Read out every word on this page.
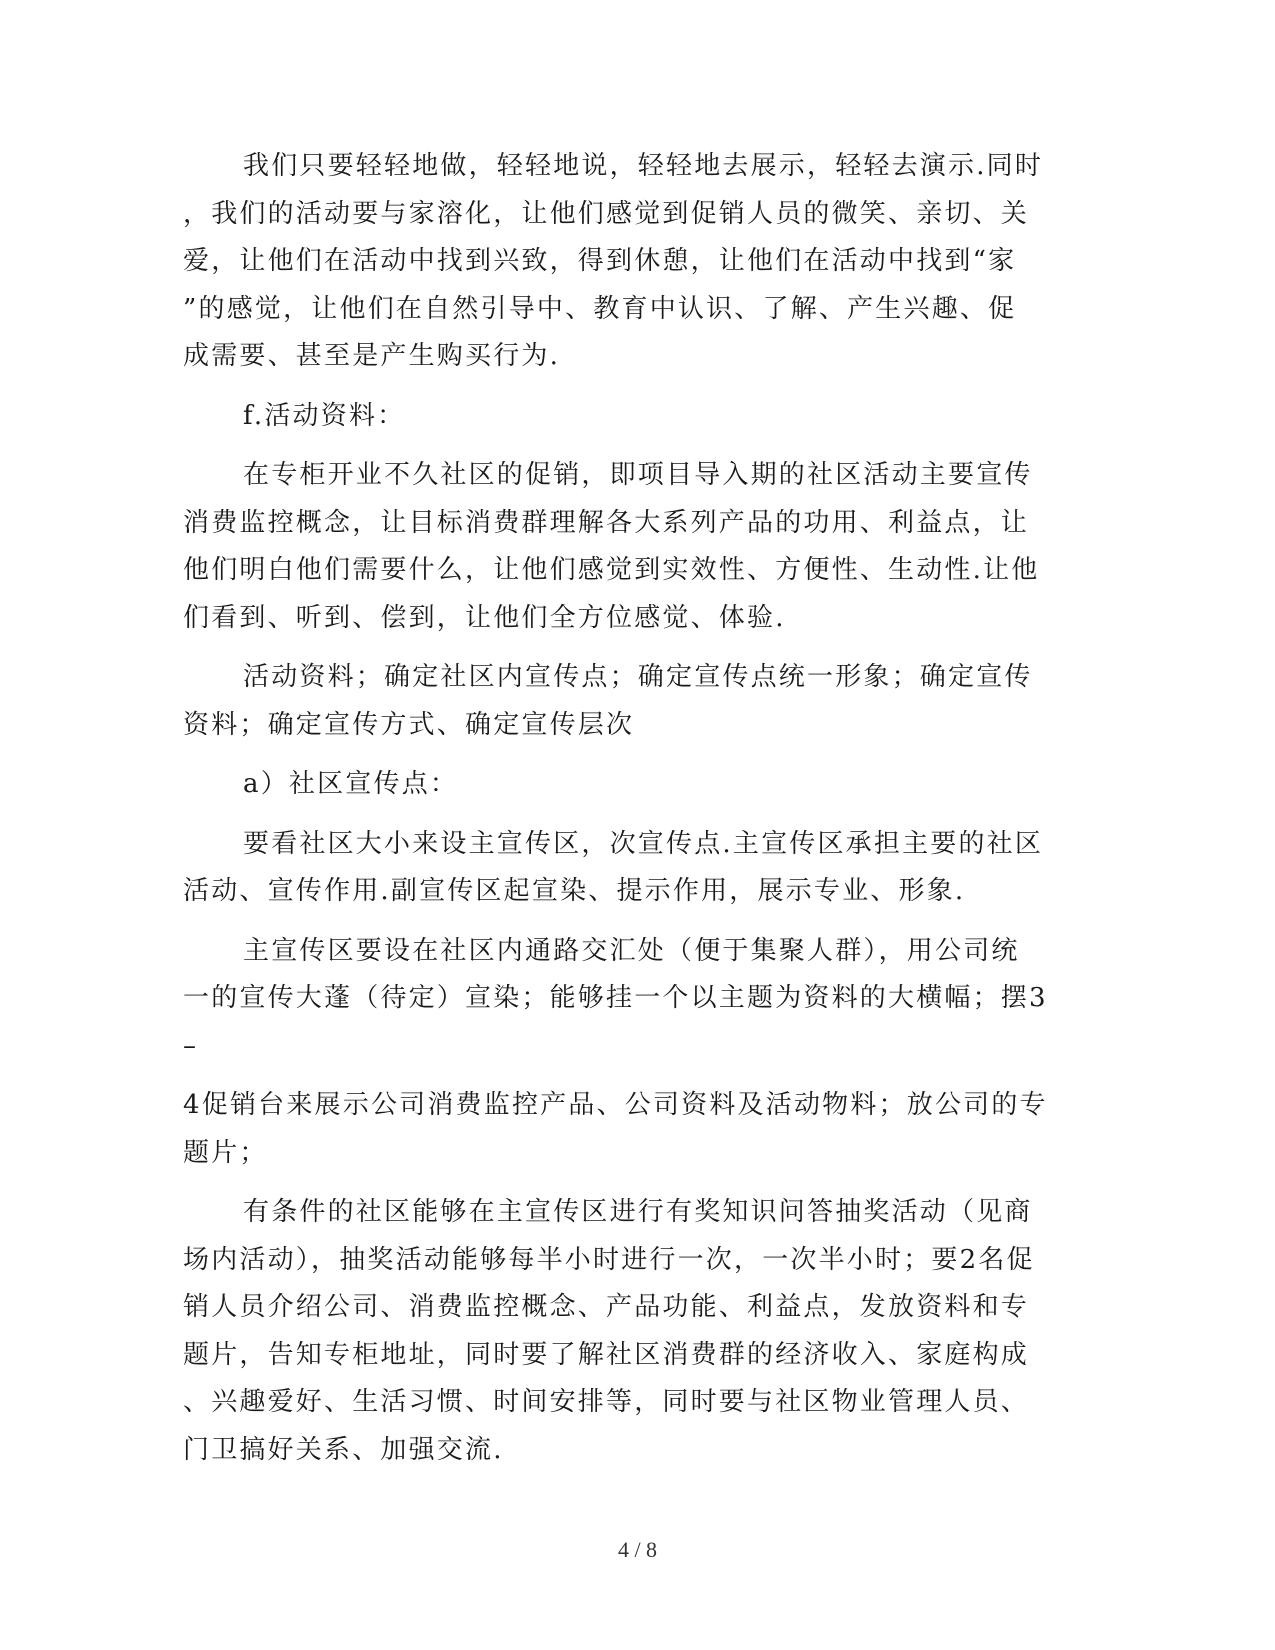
我们只要轻轻地做，轻轻地说，轻轻地去展示，轻轻去演示.同时
，我们的活动要与家溶化，让他们感觉到促销人员的微笑、亲切、关
爱，让他们在活动中找到兴致，得到休憩，让他们在活动中找到“家
”的感觉，让他们在自然引导中、教育中认识、了解、产生兴趣、促
成需要、甚至是产生购买行为.

f.活动资料：

在专柜开业不久社区的促销，即项目导入期的社区活动主要宣传
消费监控概念，让目标消费群理解各大系列产品的功用、利益点，让
他们明白他们需要什么，让他们感觉到实效性、方便性、生动性.让他
们看到、听到、偿到，让他们全方位感觉、体验.

活动资料；确定社区内宣传点；确定宣传点统一形象；确定宣传
资料；确定宣传方式、确定宣传层次

a）社区宣传点：

要看社区大小来设主宣传区，次宣传点.主宣传区承担主要的社区
活动、宣传作用.副宣传区起宣染、提示作用，展示专业、形象.

主宣传区要设在社区内通路交汇处（便于集聚人群），用公司统
一的宣传大蓬（待定）宣染；能够挂一个以主题为资料的大横幅；摆3
–

4促销台来展示公司消费监控产品、公司资料及活动物料；放公司的专
题片；

有条件的社区能够在主宣传区进行有奖知识问答抽奖活动（见商
场内活动），抽奖活动能够每半小时进行一次，一次半小时；要2名促
销人员介绍公司、消费监控概念、产品功能、利益点，发放资料和专
题片，告知专柜地址，同时要了解社区消费群的经济收入、家庭构成
、兴趣爱好、生活习惯、时间安排等，同时要与社区物业管理人员、
门卫搞好关系、加强交流.

4 / 8
